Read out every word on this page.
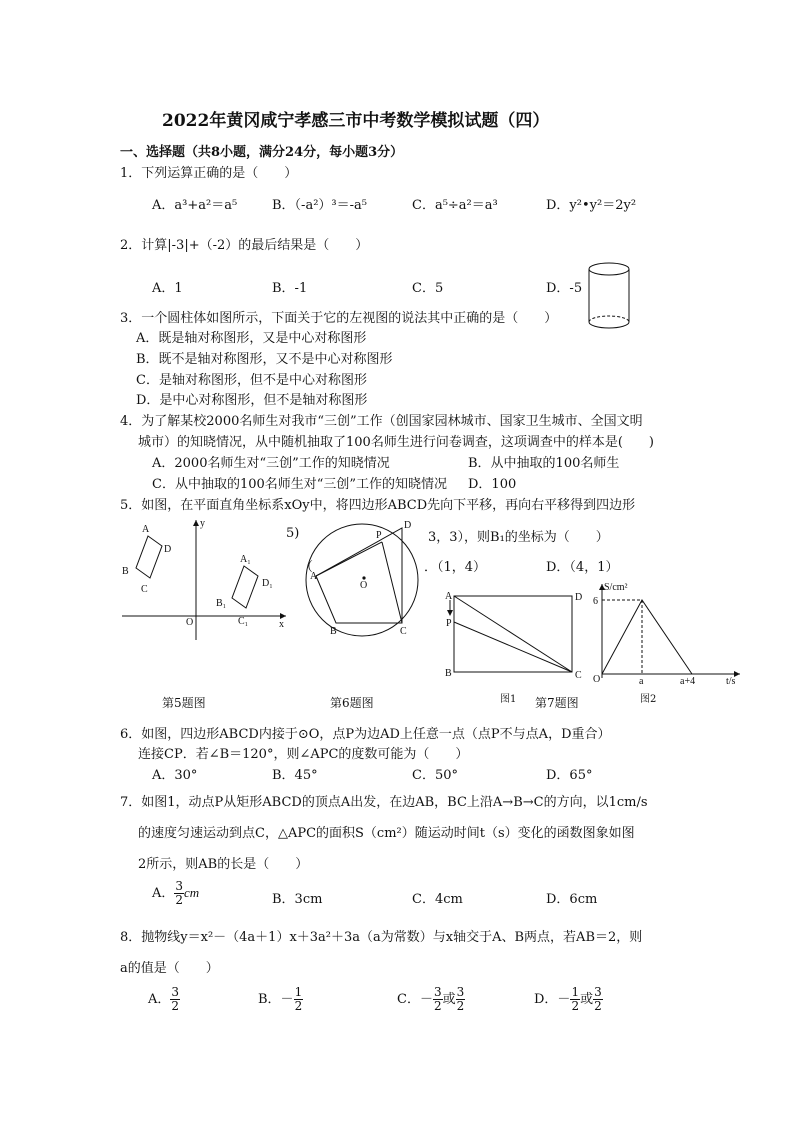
2022年黄冈咸宁孝感三市中考数学模拟试题（四）
一、选择题（共8小题，满分24分，每小题3分）
1．下列运算正确的是（　　）
A．a³+a²＝a⁵	B．（-a²）³＝-a⁵	C．a⁵÷a²＝a³	D．y²•y²＝2y²
2．计算|-3|+（-2）的最后结果是（　　）
A．1	B．-1	C．5	D．-5
3．一个圆柱体如图所示，下面关于它的左视图的说法其中正确的是（　　）
A．既是轴对称图形，又是中心对称图形
B．既不是轴对称图形，又不是中心对称图形
C．是轴对称图形，但不是中心对称图形
D．是中心对称图形，但不是轴对称图形
4．为了解某校2000名师生对我市“三创”工作（创国家园林城市、国家卫生城市、全国文明
城市）的知晓情况，从中随机抽取了100名师生进行问卷调查，这项调查中的样本是(　　)
A．2000名师生对“三创”工作的知晓情况	B．从中抽取的100名师生
C．从中抽取的100名师生对“三创”工作的知晓情况 D．100
5．如图，在平面直角坐标系xOy中，将四边形ABCD先向下平移，再向右平移得到四边形
5)	3，3），则B₁的坐标为（　　）
（	．（1，4）	D．（4，1）
A
D
B
C
A₁
D₁
B₁
C₁
O	x
y
A
B	C
D
P
O
A
P
B	C
D
S/cm²
6
O	a	a+4	t/s
第5题图	第6题图	图1 第7题图	图2
6．如图，四边形ABCD内接于⊙O，点P为边AD上任意一点（点P不与点A，D重合）
连接CP．若∠B＝120°，则∠APC的度数可能为（　　）
A．30°	B．45°	C．50°	D．65°
7．如图1，动点P从矩形ABCD的顶点A出发，在边AB，BC上沿A→B→C的方向，以1cm/s
的速度匀速运动到点C，△APC的面积S（cm²）随运动时间t（s）变化的函数图象如图
2所示，则AB的长是（　　）
A． $\frac{3}{2}$ cm	B．3cm	C．4cm	D．6cm
8．抛物线y＝x²－（4a＋1）x＋3a²＋3a（a为常数）与x轴交于A、B两点，若AB＝2，则
a的值是（　　）
A． $\frac{3}{2}$	B．－ $\frac{1}{2}$	C．－ $\frac{3}{2}$ 或 $\frac{3}{2}$	D．－ $\frac{1}{2}$ 或 $\frac{3}{2}$
